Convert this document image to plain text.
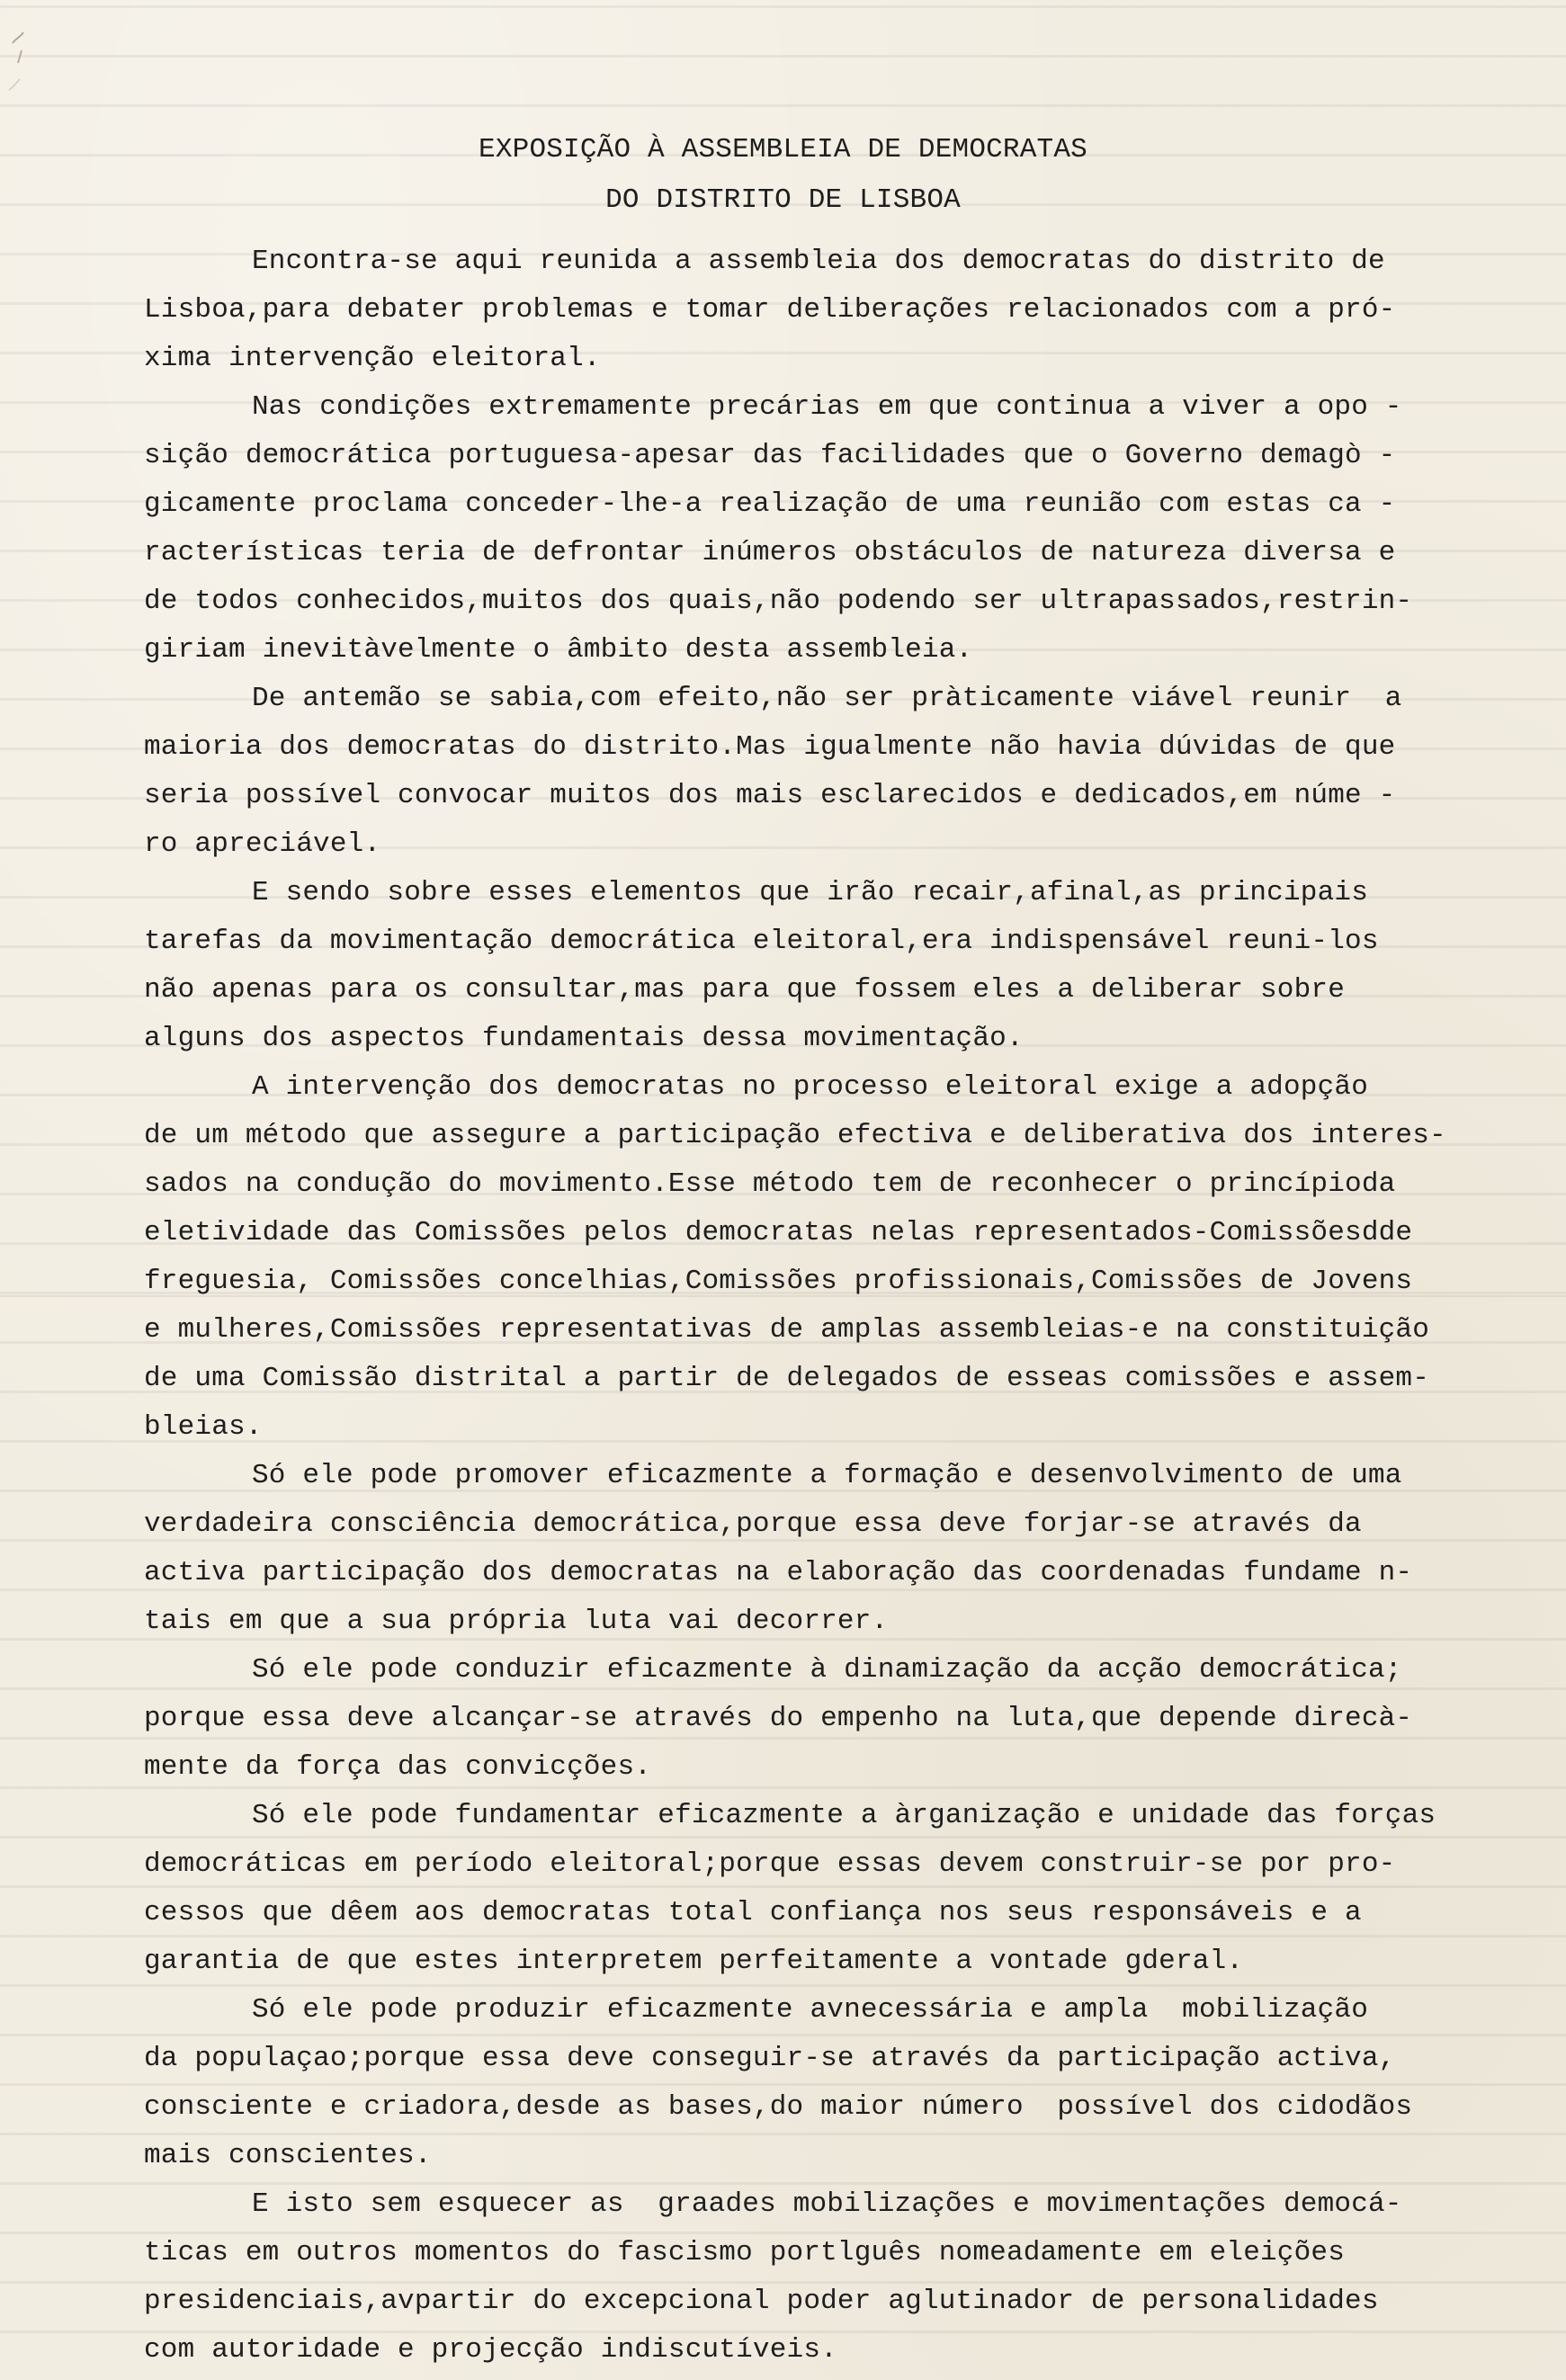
EXPOSIÇÃO À ASSEMBLEIA DE DEMOCRATAS
DO DISTRITO DE LISBOA

Encontra-se aqui reunida a assembleia dos democratas do distrito de
Lisboa,para debater problemas e tomar deliberações relacionados com a pró-
xima intervenção eleitoral.

Nas condições extremamente precárias em que continua a viver a opo -
sição democrática portuguesa-apesar das facilidades que o Governo demagò -
gicamente proclama conceder-lhe-a realização de uma reunião com estas ca -
racterísticas teria de defrontar inúmeros obstáculos de natureza diversa e
de todos conhecidos,muitos dos quais,não podendo ser ultrapassados,restrin-
giriam inevitàvelmente o âmbito desta assembleia.

De antemão se sabia,com efeito,não ser pràticamente viável reunir  a
maioria dos democratas do distrito.Mas igualmente não havia dúvidas de que
seria possível convocar muitos dos mais esclarecidos e dedicados,em núme -
ro apreciável.

E sendo sobre esses elementos que irão recair,afinal,as principais
tarefas da movimentação democrática eleitoral,era indispensável reuni-los
não apenas para os consultar,mas para que fossem eles a deliberar sobre
alguns dos aspectos fundamentais dessa movimentação.

A intervenção dos democratas no processo eleitoral exige a adopção
de um método que assegure a participação efectiva e deliberativa dos interes-
sados na condução do movimento.Esse método tem de reconhecer o princípioda
eletividade das Comissões pelos democratas nelas representados-Comissõesdde
freguesia, Comissões concelhias,Comissões profissionais,Comissões de Jovens
e mulheres,Comissões representativas de amplas assembleias-e na constituição
de uma Comissão distrital a partir de delegados de esseas comissões e assem-
bleias.

Só ele pode promover eficazmente a formação e desenvolvimento de uma
verdadeira consciência democrática,porque essa deve forjar-se através da
activa participação dos democratas na elaboração das coordenadas fundame n-
tais em que a sua própria luta vai decorrer.

Só ele pode conduzir eficazmente à dinamização da acção democrática;
porque essa deve alcançar-se através do empenho na luta,que depende direcà-
mente da força das convicções.

Só ele pode fundamentar eficazmente a àrganização e unidade das forças
democráticas em período eleitoral;porque essas devem construir-se por pro-
cessos que dêem aos democratas total confiança nos seus responsáveis e a
garantia de que estes interpretem perfeitamente a vontade gderal.

Só ele pode produzir eficazmente avnecessária e ampla  mobilização
da populaçao;porque essa deve conseguir-se através da participação activa,
consciente e criadora,desde as bases,do maior número  possível dos cidodãos
mais conscientes.

E isto sem esquecer as  graades mobilizações e movimentações democá-
ticas em outros momentos do fascismo portlguês nomeadamente em eleições
presidenciais,avpartir do excepcional poder aglutinador de personalidades
com autoridade e projecção indiscutíveis.
